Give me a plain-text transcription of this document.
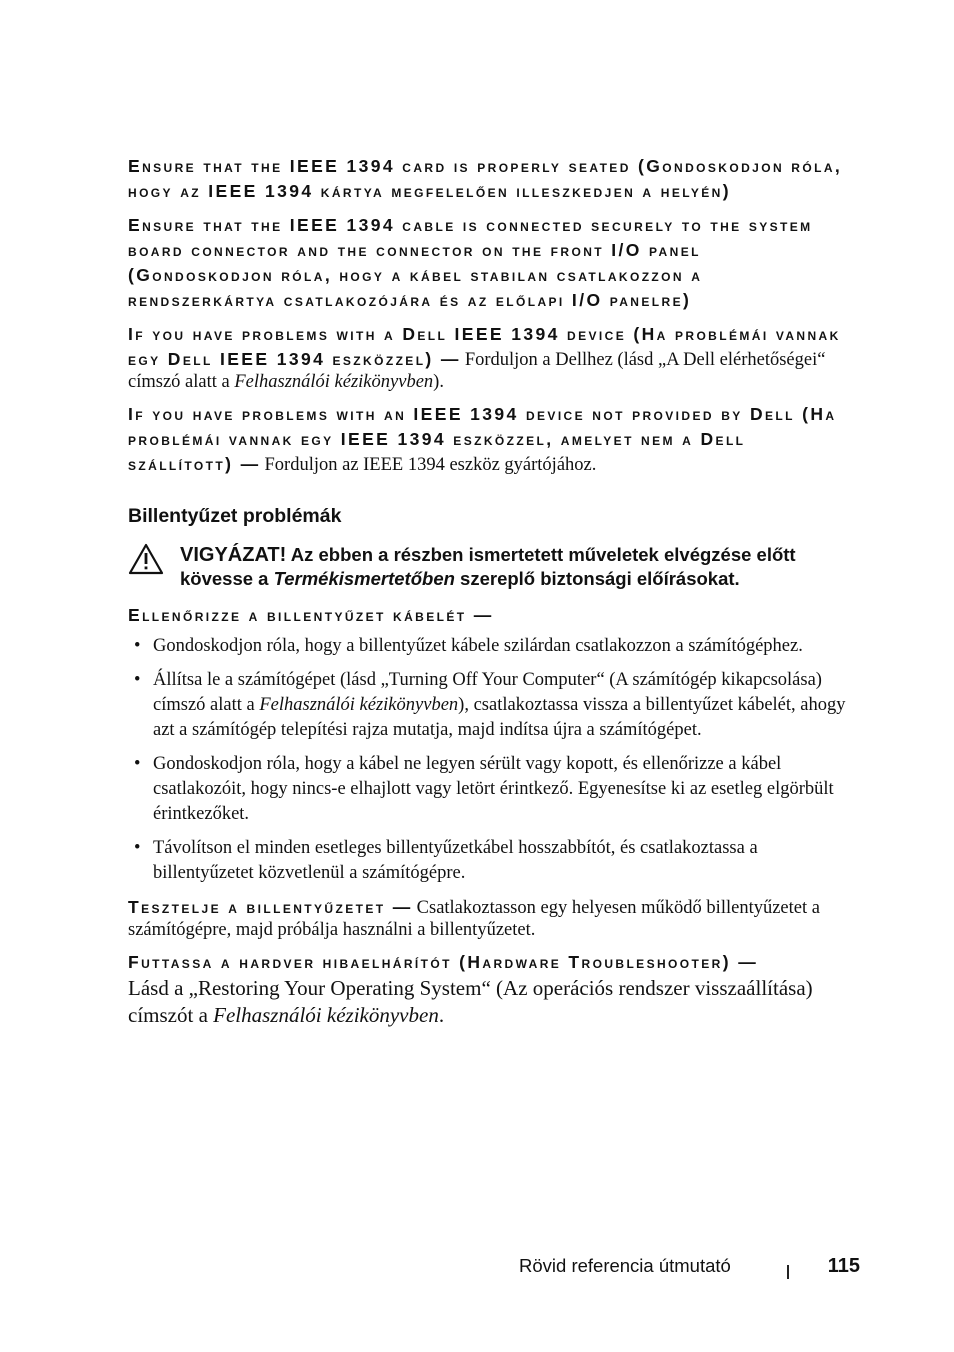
Ensure that the IEEE 1394 card is properly seated (Gondoskodjon róla, hogy az IEEE 1394 kártya megfelelően illeszkedjen a helyén)
Ensure that the IEEE 1394 cable is connected securely to the system board connector and the connector on the front I/O panel (Gondoskodjon róla, hogy a kábel stabilan csatlakozzon a rendszerkártya csatlakozójára és az előlapi I/O panelre)
If you have problems with a Dell IEEE 1394 device (Ha problémái vannak egy Dell IEEE 1394 eszközzel) — Forduljon a Dellhez (lásd „A Dell elérhetőségei“ címszó alatt a Felhasználói kézikönyvben).
If you have problems with an IEEE 1394 device not provided by Dell (Ha problémái vannak egy IEEE 1394 eszközzel, amelyet nem a Dell szállított) — Forduljon az IEEE 1394 eszköz gyártójához.
Billentyűzet problémák
VIGYÁZAT! Az ebben a részben ismertetett műveletek elvégzése előtt kövesse a Termékismertetőben szereplő biztonsági előírásokat.
Ellenőrizze a billentyűzet kábelét —
• Gondoskodjon róla, hogy a billentyűzet kábele szilárdan csatlakozzon a számítógéphez.
• Állítsa le a számítógépet (lásd „Turning Off Your Computer“ (A számítógép kikapcsolása) címszó alatt a Felhasználói kézikönyvben), csatlakoztassa vissza a billentyűzet kábelét, ahogy azt a számítógép telepítési rajza mutatja, majd indítsa újra a számítógépet.
• Gondoskodjon róla, hogy a kábel ne legyen sérült vagy kopott, és ellenőrizze a kábel csatlakozóit, hogy nincs-e elhajlott vagy letört érintkező. Egyenesítse ki az esetleg elgörbült érintkezőket.
• Távolítson el minden esetleges billentyűzetkábel hosszabbítót, és csatlakoztassa a billentyűzetet közvetlenül a számítógépre.
Tesztelje a billentyűzetet — Csatlakoztasson egy helyesen működő billentyűzetet a számítógépre, majd próbálja használni a billentyűzetet.
Futtassa a hardver hibaelhárítót (Hardware Troubleshooter) —
Lásd a „Restoring Your Operating System“ (Az operációs rendszer visszaállítása) címszót a Felhasználói kézikönyvben.
Rövid referencia útmutató	115
